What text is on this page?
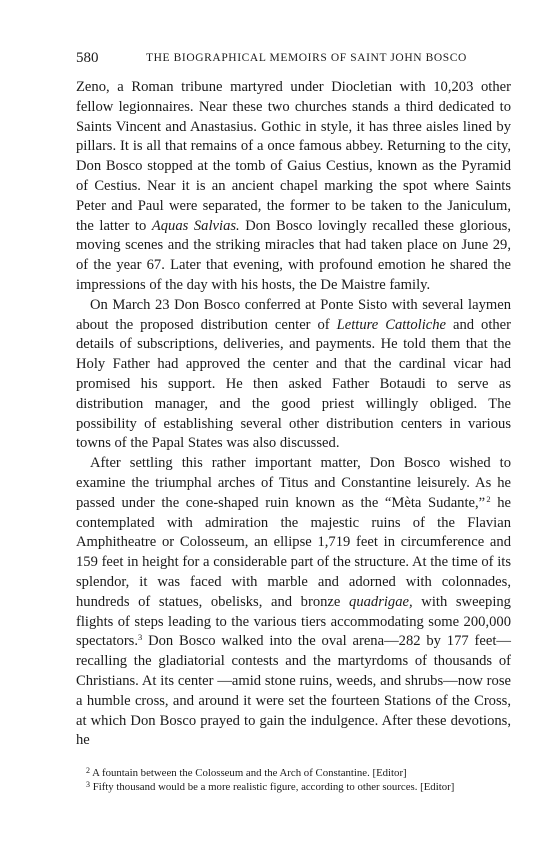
580	THE BIOGRAPHICAL MEMOIRS OF SAINT JOHN BOSCO

Zeno, a Roman tribune martyred under Diocletian with 10,203 other fellow legionnaires. Near these two churches stands a third dedicated to Saints Vincent and Anastasius. Gothic in style, it has three aisles lined by pillars. It is all that remains of a once famous abbey. Returning to the city, Don Bosco stopped at the tomb of Gaius Cestius, known as the Pyramid of Cestius. Near it is an ancient chapel marking the spot where Saints Peter and Paul were separated, the former to be taken to the Janiculum, the latter to Aquas Salvias. Don Bosco lovingly recalled these glorious, moving scenes and the striking miracles that had taken place on June 29, of the year 67. Later that evening, with profound emotion he shared the impressions of the day with his hosts, the De Maistre family.

On March 23 Don Bosco conferred at Ponte Sisto with several laymen about the proposed distribution center of Letture Cattoliche and other details of subscriptions, deliveries, and payments. He told them that the Holy Father had approved the center and that the cardinal vicar had promised his support. He then asked Father Botaudi to serve as distribution manager, and the good priest willingly obliged. The possibility of establishing several other distribution centers in various towns of the Papal States was also discussed.

After settling this rather important matter, Don Bosco wished to examine the triumphal arches of Titus and Constantine leisurely. As he passed under the cone-shaped ruin known as the “Mèta Sudante,” $^2$ he contemplated with admiration the majestic ruins of the Flavian Amphitheatre or Colosseum, an ellipse 1,719 feet in circumference and 159 feet in height for a considerable part of the structure. At the time of its splendor, it was faced with marble and adorned with colonnades, hundreds of statues, obelisks, and bronze quadrigae, with sweeping flights of steps leading to the various tiers accommodating some 200,000 spectators.$^3$ Don Bosco walked into the oval arena—282 by 177 feet—recalling the gladiatorial contests and the martyrdoms of thousands of Christians. At its center —amid stone ruins, weeds, and shrubs—now rose a humble cross, and around it were set the fourteen Stations of the Cross, at which Don Bosco prayed to gain the indulgence. After these devotions, he

$^2$ A fountain between the Colosseum and the Arch of Constantine. [Editor]

$^3$ Fifty thousand would be a more realistic figure, according to other sources. [Editor]
